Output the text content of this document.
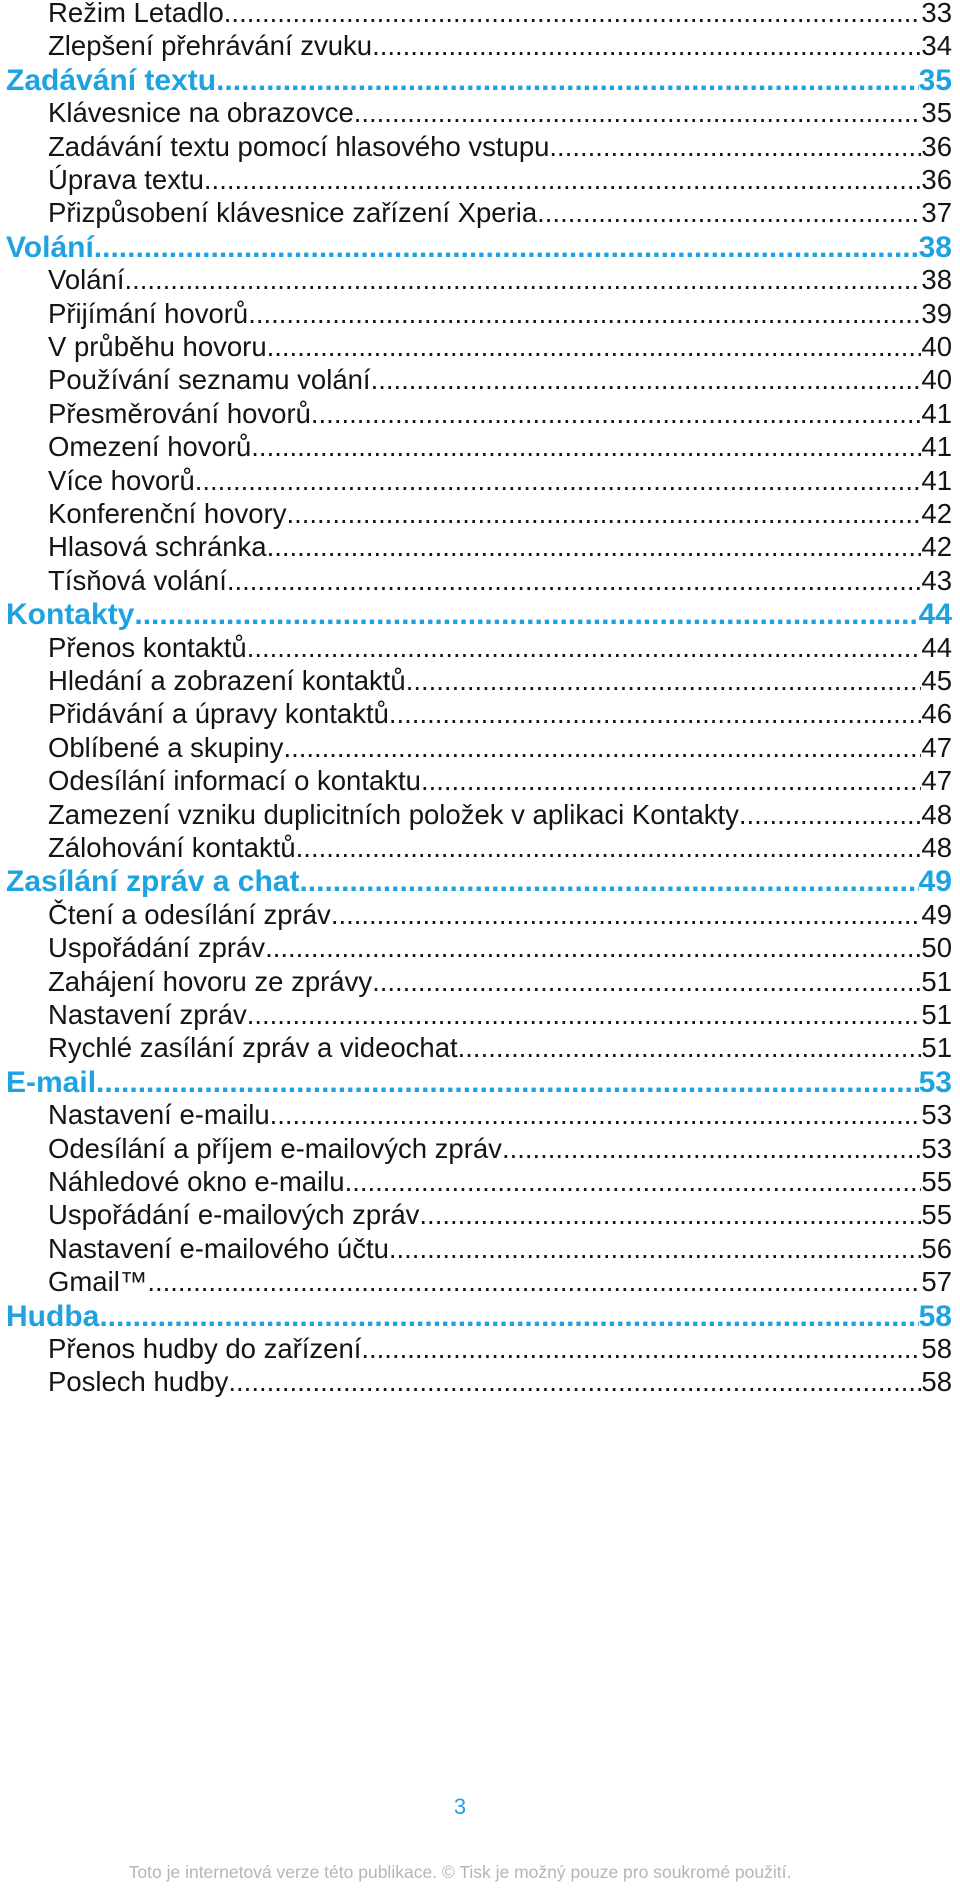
Režim Letadlo .....	33
Zlepšení přehrávání zvuku .....	34
Zadávání textu .....	35
Klávesnice na obrazovce .....	35
Zadávání textu pomocí hlasového vstupu .....	36
Úprava textu .....	36
Přizpůsobení klávesnice zařízení Xperia .....	37
Volání .....	38
Volání .....	38
Přijímání hovorů .....	39
V průběhu hovoru .....	40
Používání seznamu volání .....	40
Přesměrování hovorů .....	41
Omezení hovorů .....	41
Více hovorů .....	41
Konferenční hovory .....	42
Hlasová schránka .....	42
Tísňová volání .....	43
Kontakty .....	44
Přenos kontaktů .....	44
Hledání a zobrazení kontaktů .....	45
Přidávání a úpravy kontaktů .....	46
Oblíbené a skupiny .....	47
Odesílání informací o kontaktu .....	47
Zamezení vzniku duplicitních položek v aplikaci Kontakty .....	48
Zálohování kontaktů .....	48
Zasílání zpráv a chat .....	49
Čtení a odesílání zpráv .....	49
Uspořádání zpráv .....	50
Zahájení hovoru ze zprávy .....	51
Nastavení zpráv .....	51
Rychlé zasílání zpráv a videochat .....	51
E-mail .....	53
Nastavení e-mailu .....	53
Odesílání a příjem e-mailových zpráv .....	53
Náhledové okno e-mailu .....	55
Uspořádání e-mailových zpráv .....	55
Nastavení e-mailového účtu .....	56
Gmail™ .....	57
Hudba .....	58
Přenos hudby do zařízení .....	58
Poslech hudby .....	58
3
Toto je internetová verze této publikace. © Tisk je možný pouze pro soukromé použití.
